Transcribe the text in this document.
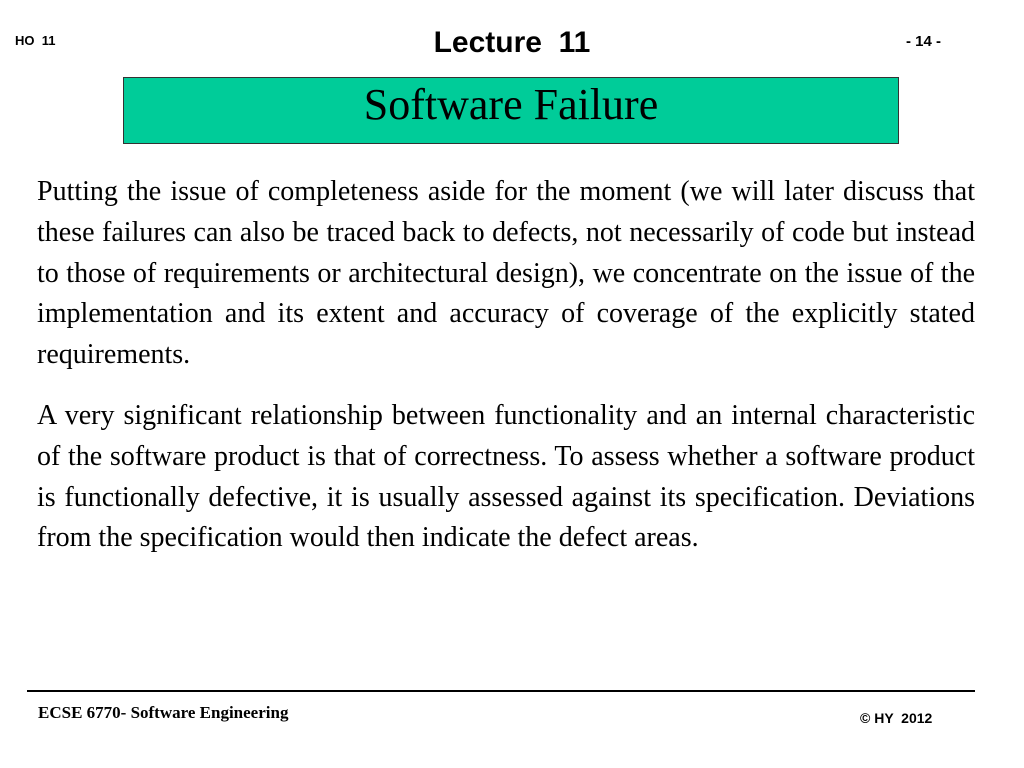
HO  11	Lecture  11	- 14 -
Software Failure

Putting the issue of completeness aside for the moment (we will later discuss that these failures can also be traced back to defects, not necessarily of code but instead to those of requirements or architectural design), we concentrate on the issue of the implementation and its extent and accuracy of coverage of the explicitly stated requirements.

A very significant relationship between functionality and an internal characteristic of the software product is that of correctness. To assess whether a software product is functionally defective, it is usually assessed against its specification. Deviations from the specification would then indicate the defect areas.

ECSE 6770- Software Engineering	© HY  2012
